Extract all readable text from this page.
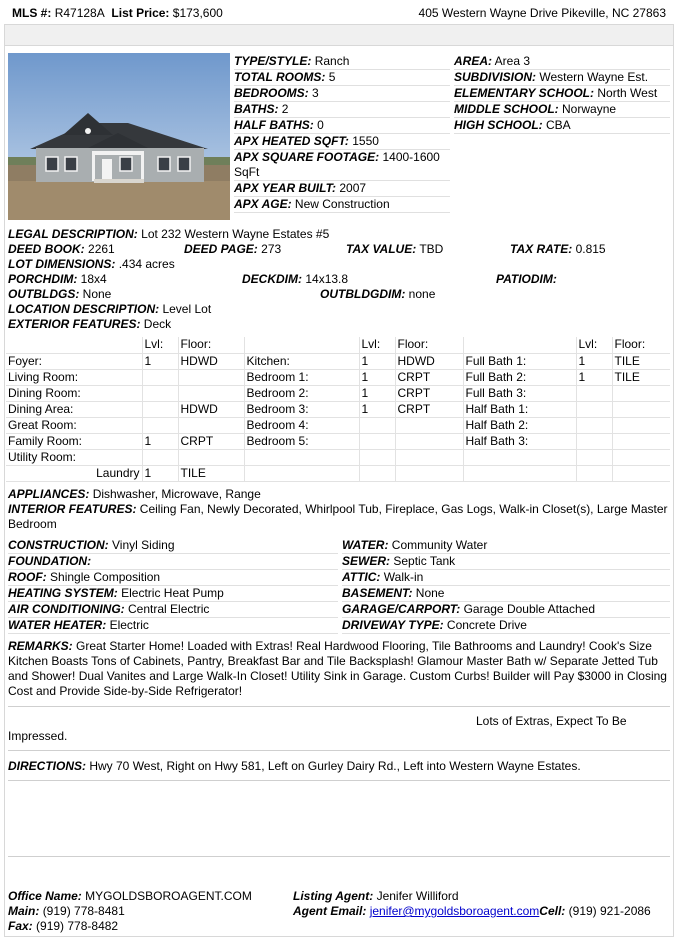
MLS #: R47128A List Price: $173,600	405 Western Wayne Drive Pikeville, NC 27863
TYPE/STYLE: Ranch
TOTAL ROOMS: 5
BEDROOMS: 3
BATHS: 2
HALF BATHS: 0
APX HEATED SQFT: 1550
APX SQUARE FOOTAGE: 1400-1600
SqFt
APX YEAR BUILT: 2007
APX AGE: New Construction
AREA: Area 3
SUBDIVISION: Western Wayne Est.
ELEMENTARY SCHOOL: North West
MIDDLE SCHOOL: Norwayne
HIGH SCHOOL: CBA
LEGAL DESCRIPTION: Lot 232 Western Wayne Estates #5
DEED BOOK: 2261	DEED PAGE: 273	TAX VALUE: TBD	TAX RATE: 0.815
LOT DIMENSIONS: .434 acres
PORCHDIM: 18x4	DECKDIM: 14x13.8	PATIODIM:
OUTBLDGS: None	OUTBLDGDIM: none
LOCATION DESCRIPTION: Level Lot
EXTERIOR FEATURES: Deck
	Lvl:	Floor:		Lvl:	Floor:		Lvl:	Floor:
Foyer:	1	HDWD	Kitchen:	1	HDWD	Full Bath 1:	1	TILE
Living Room:			Bedroom 1:	1	CRPT	Full Bath 2:	1	TILE
Dining Room:			Bedroom 2:	1	CRPT	Full Bath 3:		
Dining Area:		HDWD	Bedroom 3:	1	CRPT	Half Bath 1:		
Great Room:			Bedroom 4:			Half Bath 2:		
Family Room:	1	CRPT	Bedroom 5:			Half Bath 3:		
Utility Room:								
Laundry	1	TILE						
APPLIANCES: Dishwasher, Microwave, Range
INTERIOR FEATURES: Ceiling Fan, Newly Decorated, Whirlpool Tub, Fireplace, Gas Logs, Walk-in Closet(s), Large Master Bedroom
CONSTRUCTION: Vinyl Siding
FOUNDATION:
ROOF: Shingle Composition
HEATING SYSTEM: Electric Heat Pump
AIR CONDITIONING: Central Electric
WATER HEATER: Electric
WATER: Community Water
SEWER: Septic Tank
ATTIC: Walk-in
BASEMENT: None
GARAGE/CARPORT: Garage Double Attached
DRIVEWAY TYPE: Concrete Drive
REMARKS: Great Starter Home! Loaded with Extras! Real Hardwood Flooring, Tile Bathrooms and Laundry! Cook's Size Kitchen Boasts Tons of Cabinets, Pantry, Breakfast Bar and Tile Backsplash! Glamour Master Bath w/ Separate Jetted Tub and Shower! Dual Vanites and Large Walk-In Closet! Utility Sink in Garage. Custom Curbs! Builder will Pay $3000 in Closing Cost and Provide Side-by-Side Refrigerator!
Lots of Extras, Expect To Be
Impressed.
DIRECTIONS: Hwy 70 West, Right on Hwy 581, Left on Gurley Dairy Rd., Left into Western Wayne Estates.
Office Name: MYGOLDSBOROAGENT.COM
Main: (919) 778-8481
Fax: (919) 778-8482
Listing Agent: Jenifer Williford
Agent Email: jenifer@mygoldsboroagent.comCell: (919) 921-2086
